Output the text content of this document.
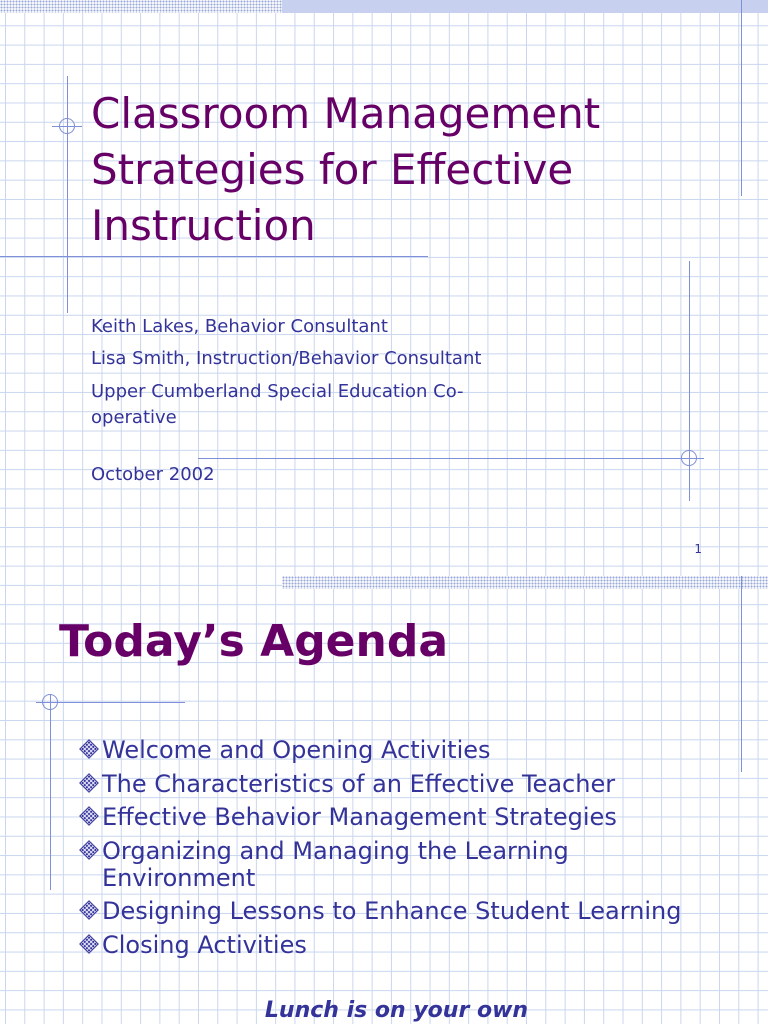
Classroom Management Strategies for Effective Instruction

Keith Lakes, Behavior Consultant

Lisa Smith, Instruction/Behavior Consultant

Upper Cumberland Special Education Co-
operative

October 2002

1
Today’s Agenda
Welcome and Opening Activities
The Characteristics of an Effective Teacher
Effective Behavior Management Strategies
Organizing and Managing the Learning Environment
Designing Lessons to Enhance Student Learning
Closing Activities

Lunch is on your own
